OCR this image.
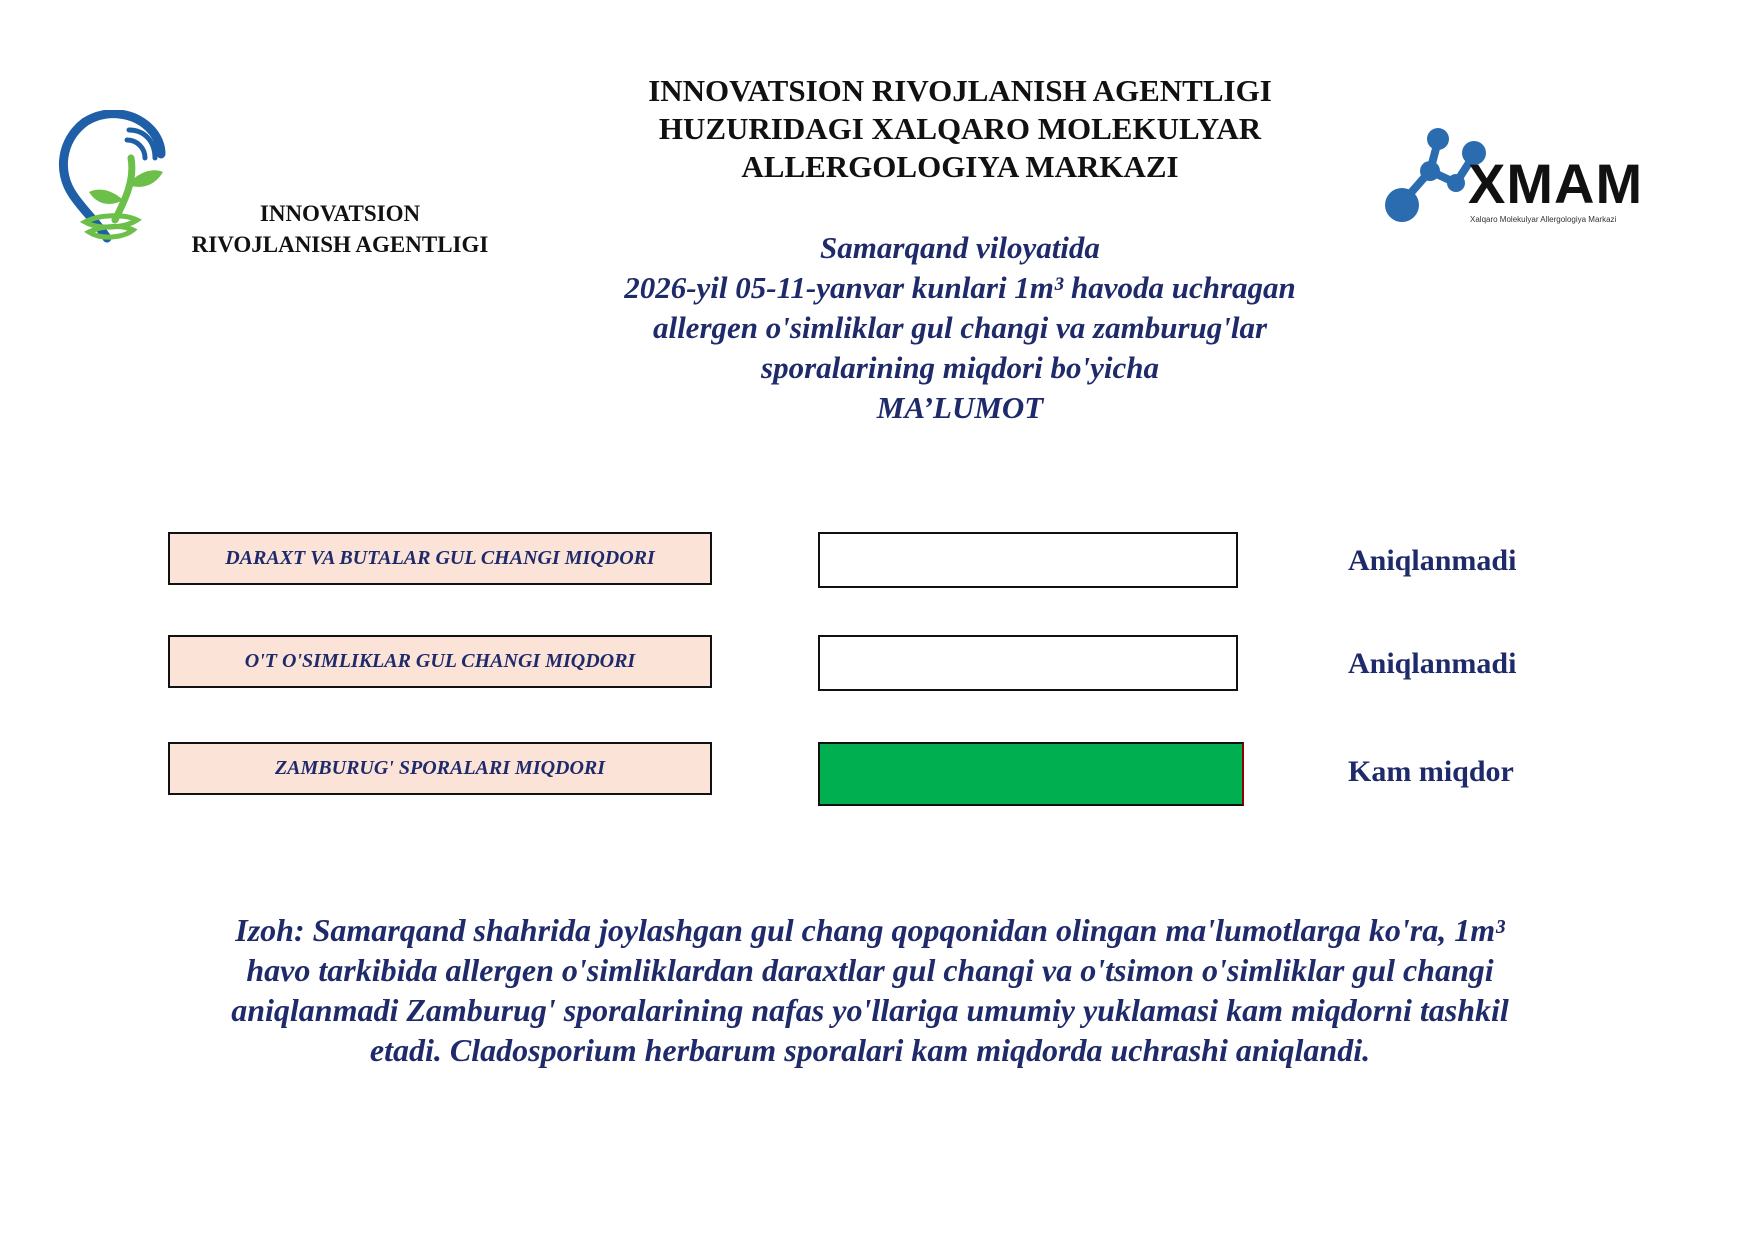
INNOVATSION
RIVOJLANISH AGENTLIGI
INNOVATSION RIVOJLANISH AGENTLIGI
HUZURIDAGI XALQARO MOLEKULYAR
ALLERGOLOGIYA MARKAZI	XMAM
Xalqaro Molekulyar Allergologiya Markazi
Samarqand viloyatida
2026-yil 05-11-yanvar kunlari 1m³ havoda uchragan
allergen o'simliklar gul changi va zamburug'lar
sporalarining miqdori bo'yicha
MA’LUMOT
DARAXT VA BUTALAR GUL CHANGI MIQDORI	Aniqlanmadi
O'T O'SIMLIKLAR GUL CHANGI MIQDORI	Aniqlanmadi
ZAMBURUG' SPORALARI MIQDORI	Kam miqdor
Izoh: Samarqand shahrida joylashgan gul chang qopqonidan olingan ma'lumotlarga ko'ra, 1m³
havo tarkibida allergen o'simliklardan daraxtlar gul changi va o'tsimon o'simliklar gul changi
aniqlanmadi Zamburug' sporalarining nafas yo'llariga umumiy yuklamasi kam miqdorni tashkil
etadi. Cladosporium herbarum sporalari kam miqdorda uchrashi aniqlandi.
